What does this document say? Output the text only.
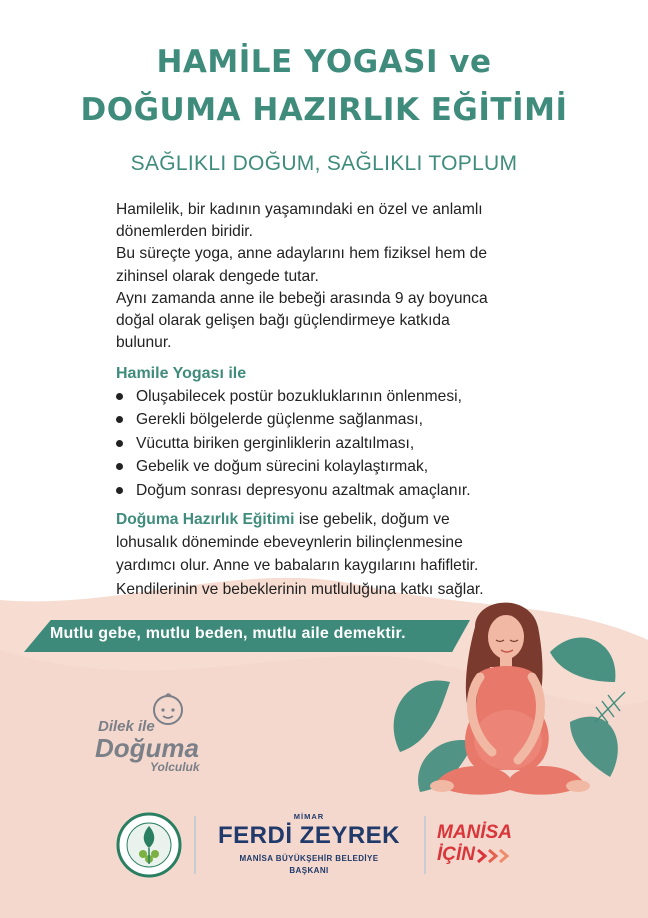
HAMİLE YOGASI ve
DOĞUMA HAZIRLIK EĞİTİMİ
SAĞLIKLI DOĞUM, SAĞLIKLI TOPLUM

Hamilelik, bir kadının yaşamındaki en özel ve anlamlı

dönemlerden biridir.

Bu süreçte yoga, anne adaylarını hem fiziksel hem de

zihinsel olarak dengede tutar.

Aynı zamanda anne ile bebeği arasında 9 ay boyunca

doğal olarak gelişen bağı güçlendirmeye katkıda

bulunur.

Hamile Yogası ile
Oluşabilecek postür bozukluklarının önlenmesi,
Gerekli bölgelerde güçlenme sağlanması,
Vücutta biriken gerginliklerin azaltılması,
Gebelik ve doğum sürecini kolaylaştırmak,
Doğum sonrası depresyonu azaltmak amaçlanır.
Doğuma Hazırlık Eğitimi ise gebelik, doğum ve
lohusalık döneminde ebeveynlerin bilinçlenmesine
yardımcı olur. Anne ve babaların kaygılarını hafifletir.
Kendilerinin ve bebeklerinin mutluluğuna katkı sağlar.
Mutlu gebe, mutlu beden, mutlu aile demektir.
Dilek ile
Doğuma
Yolculuk
MİMAR
FERDİ ZEYREK
MANİSA BÜYÜKŞEHİR BELEDİYE
BAŞKANI
MANİSA
İÇİN
